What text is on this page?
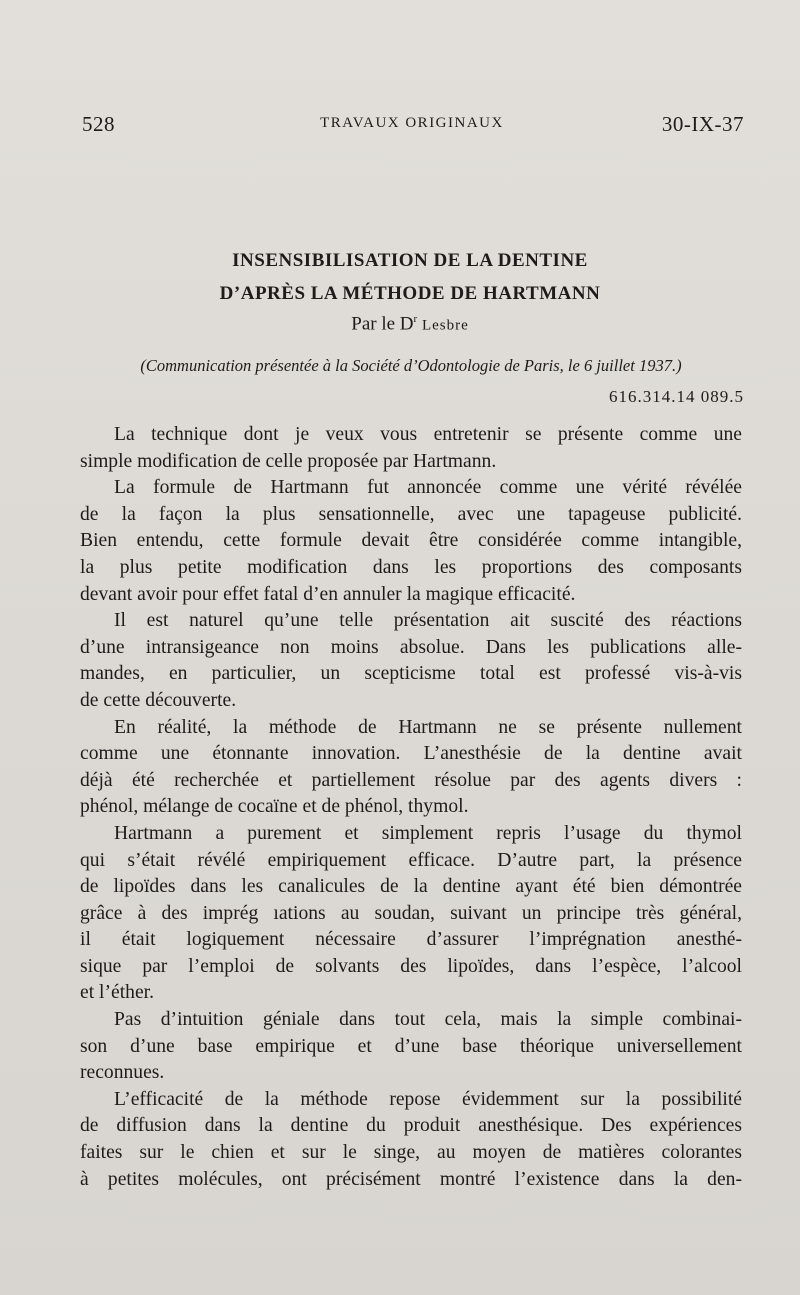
528	TRAVAUX ORIGINAUX	30-IX-37
INSENSIBILISATION DE LA DENTINE
D’APRÈS LA MÉTHODE DE HARTMANN
Par le $D^r$ Lesbre
(Communication présentée à la Société d’Odontologie de Paris, le 6 juillet 1937.)
616.314.14 089.5
La technique dont je veux vous entretenir se présente comme une
simple modification de celle proposée par Hartmann.
La formule de Hartmann fut annoncée comme une vérité révélée
de la façon la plus sensationnelle, avec une tapageuse publicité.
Bien entendu, cette formule devait être considérée comme intangible,
la plus petite modification dans les proportions des composants
devant avoir pour effet fatal d’en annuler la magique efficacité.
Il est naturel qu’une telle présentation ait suscité des réactions
d’une intransigeance non moins absolue. Dans les publications alle-
mandes, en particulier, un scepticisme total est professé vis-à-vis
de cette découverte.
En réalité, la méthode de Hartmann ne se présente nullement
comme une étonnante innovation. L’anesthésie de la dentine avait
déjà été recherchée et partiellement résolue par des agents divers :
phénol, mélange de cocaïne et de phénol, thymol.
Hartmann a purement et simplement repris l’usage du thymol
qui s’était révélé empiriquement efficace. D’autre part, la présence
de lipoïdes dans les canalicules de la dentine ayant été bien démontrée
grâce à des imprég ıations au soudan, suivant un principe très général,
il était logiquement nécessaire d’assurer l’imprégnation anesthé-
sique par l’emploi de solvants des lipoïdes, dans l’espèce, l’alcool
et l’éther.
Pas d’intuition géniale dans tout cela, mais la simple combinai-
son d’une base empirique et d’une base théorique universellement
reconnues.
L’efficacité de la méthode repose évidemment sur la possibilité
de diffusion dans la dentine du produit anesthésique. Des expériences
faites sur le chien et sur le singe, au moyen de matières colorantes
à petites molécules, ont précisément montré l’existence dans la den-
